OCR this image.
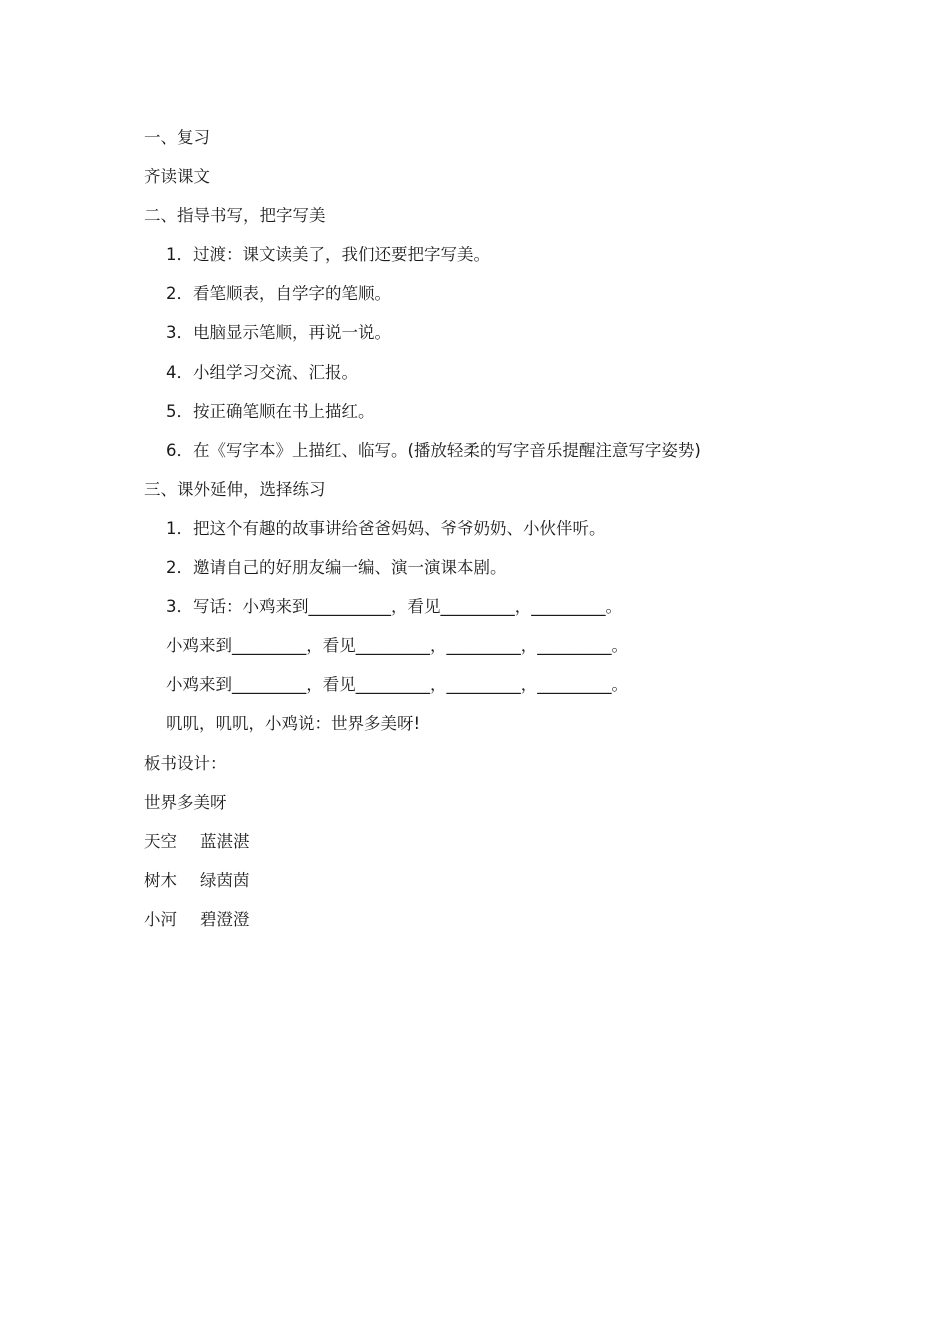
一、复习
齐读课文
二、指导书写，把字写美
1．过渡：课文读美了，我们还要把字写美。
2．看笔顺表，自学字的笔顺。
3．电脑显示笔顺，再说一说。
4．小组学习交流、汇报。
5．按正确笔顺在书上描红。
6．在《写字本》上描红、临写。(播放轻柔的写字音乐提醒注意写字姿势)
三、课外延伸，选择练习
1．把这个有趣的故事讲给爸爸妈妈、爷爷奶奶、小伙伴听。
2．邀请自己的好朋友编一编、演一演课本剧。
3．写话：小鸡来到__________，看见_________，_________。
小鸡来到_________，看见_________，_________，_________。
小鸡来到_________，看见_________，_________，_________。
叽叽，叽叽，小鸡说：世界多美呀!
板书设计：
世界多美呀
天空 蓝湛湛
树木 绿茵茵
小河 碧澄澄
